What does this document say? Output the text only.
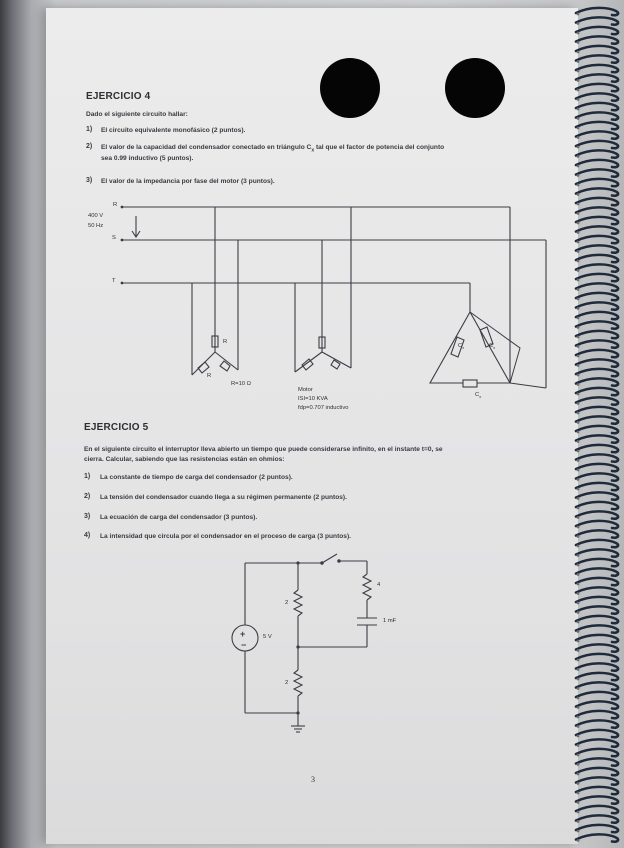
EJERCICIO 4
Dado el siguiente circuito hallar:
1) El circuito equivalente monofásico (2 puntos).
2) El valor de la capacidad del condensador conectado en triángulo $C_x$ tal que el factor de potencia del conjunto
sea 0.99 inductivo (5 puntos).
3) El valor de la impedancia por fase del motor (3 puntos).
EJERCICIO 5
En el siguiente circuito el interruptor lleva abierto un tiempo que puede considerarse infinito, en el instante t=0, se
cierra. Calcular, sabiendo que las resistencias están en ohmios:
1) La constante de tiempo de carga del condensador (2 puntos).
2) La tensión del condensador cuando llega a su régimen permanente (2 puntos).
3) La ecuación de carga del condensador (3 puntos).
4) La intensidad que circula por el condensador en el proceso de carga (3 puntos).
400 V
50 Hz
R
S
T
R
R
R=10 Ω
Motor
ISI=10 KVA
fdp=0.707 inductivo
$C_x$	$C_x$
$C_x$
+
−
5 V
2
2
4
1 mF
3
